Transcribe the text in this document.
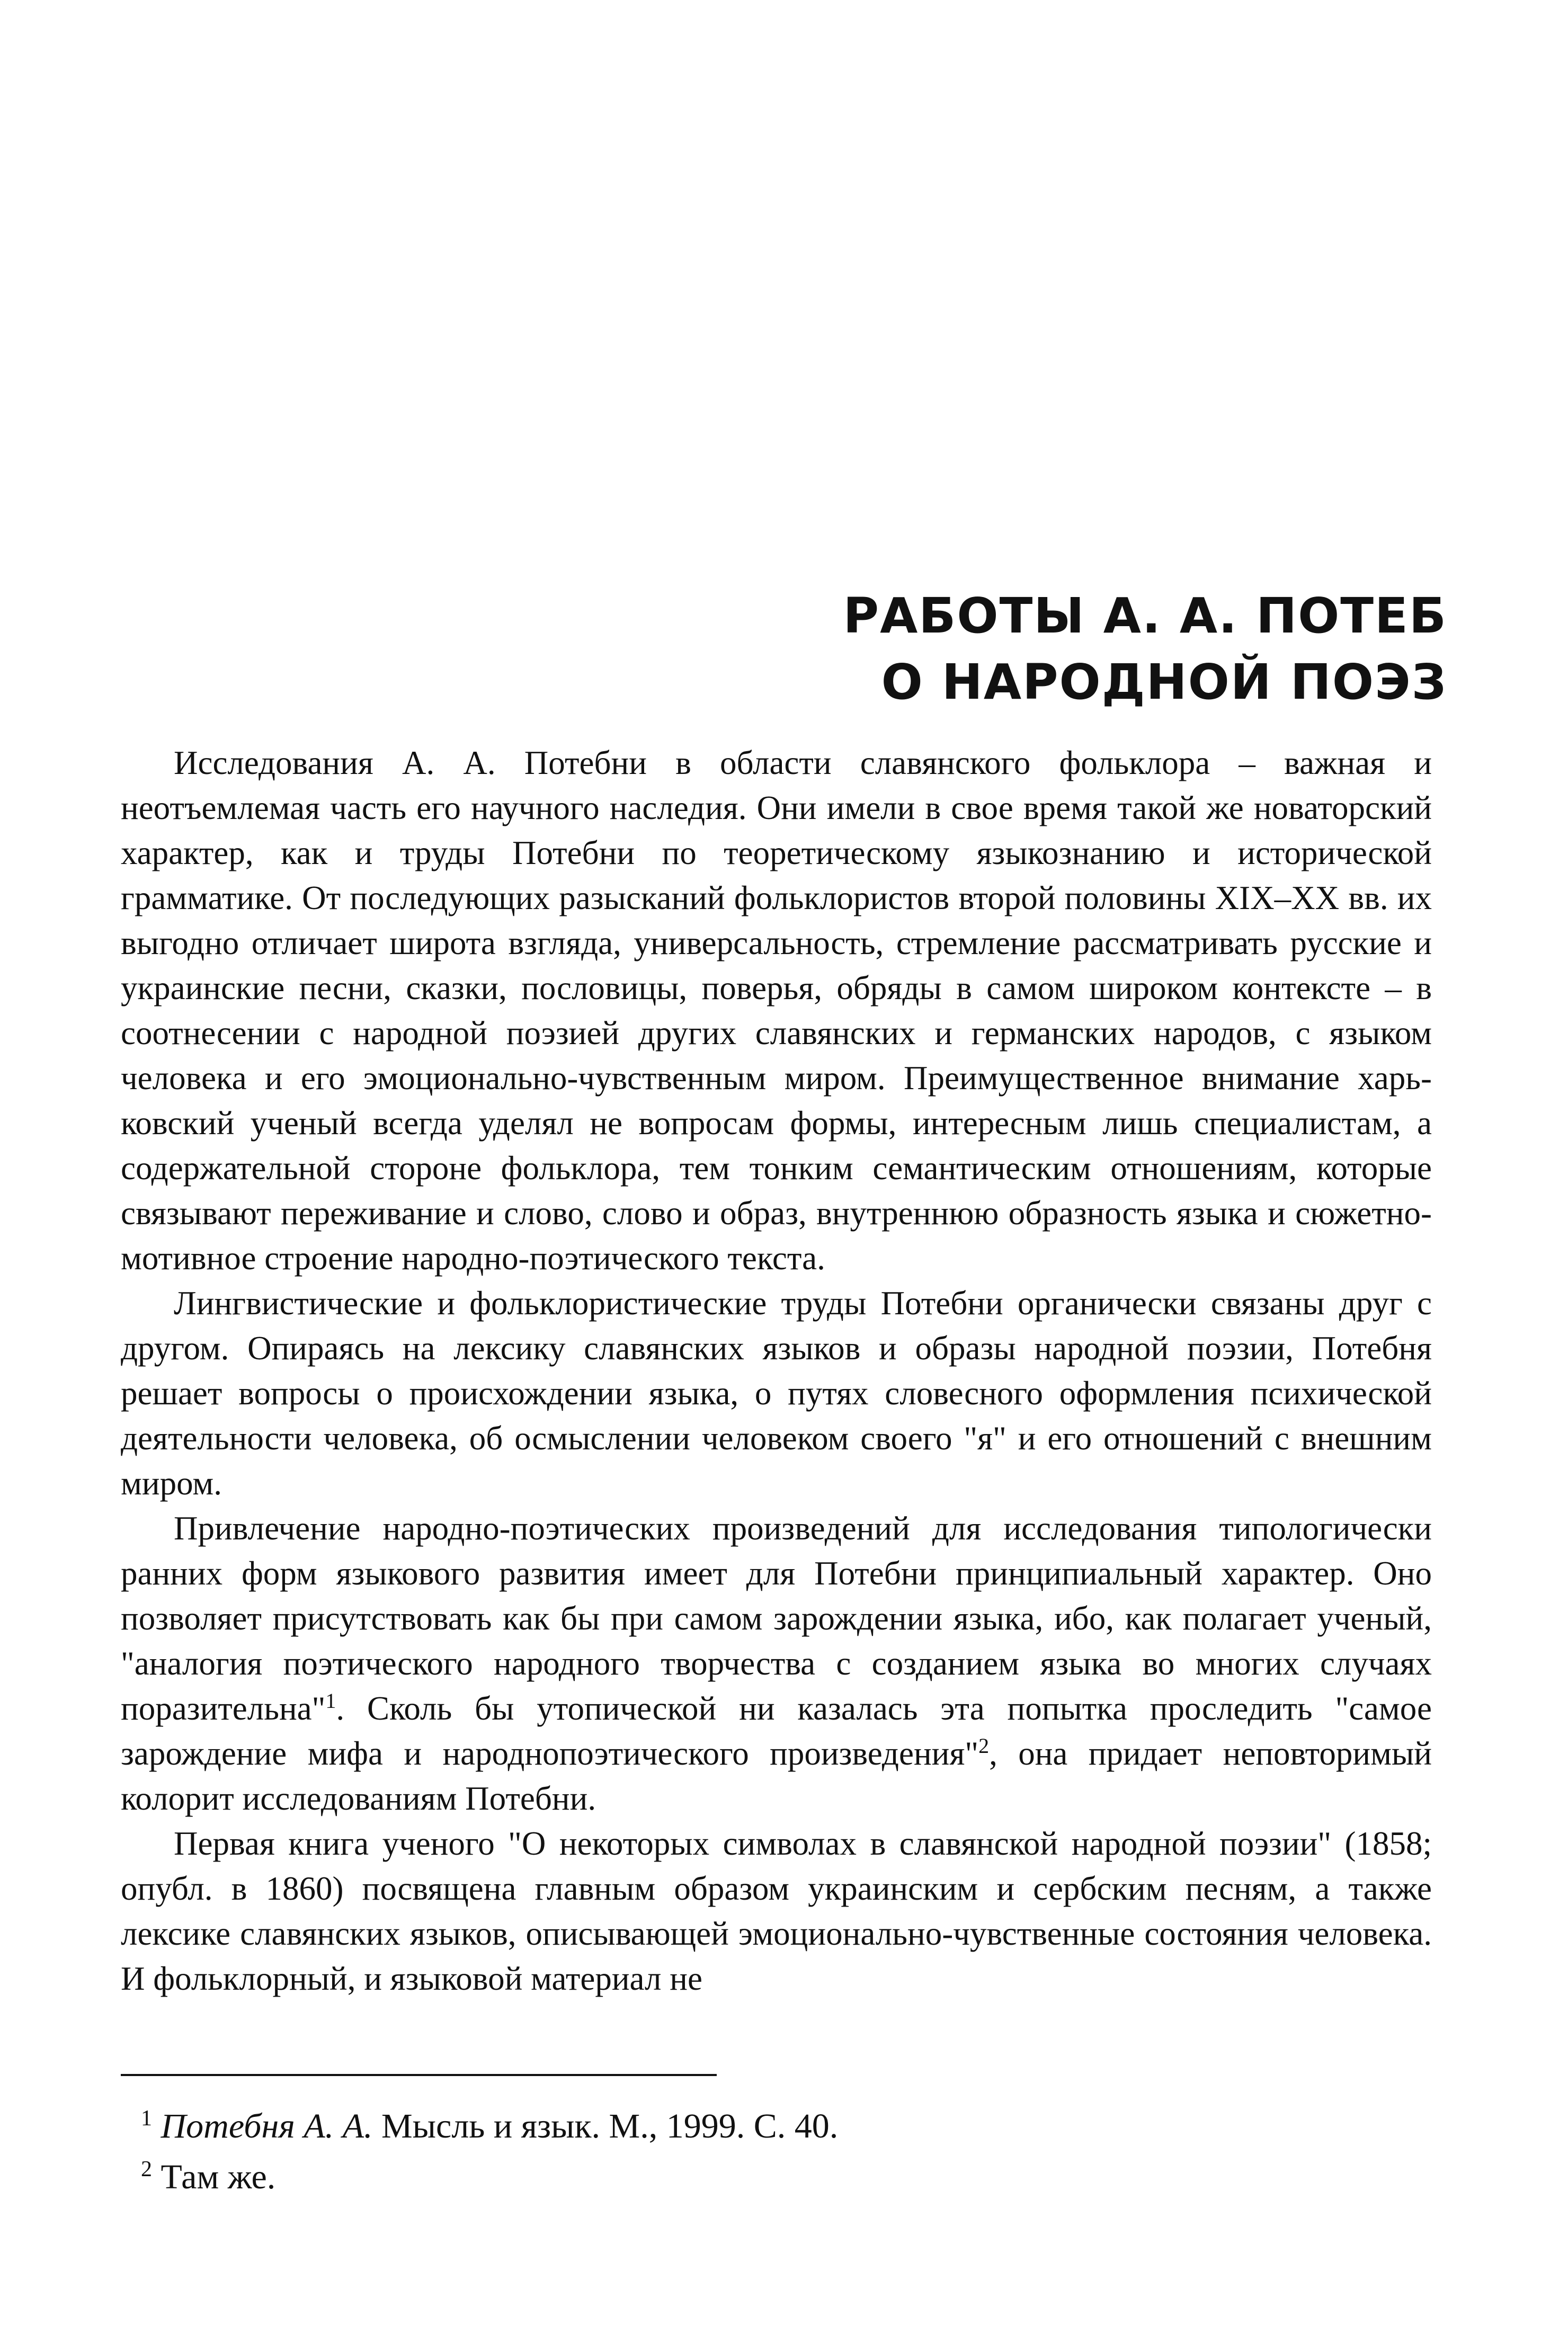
РАБОТЫ А. А. ПОТЕБ
О НАРОДНОЙ ПОЭЗ

Исследования А. А. Потебни в области славянского фольклора – важная и неотъемлемая часть его научного наследия. Они имели в свое время такой же новаторский характер, как и труды Потебни по теоретическому языкознанию и исторической грамматике. От последующих разысканий фольклористов второй половины XIX–XX вв. их выгодно отличает широта взгляда, универсальность, стремление рассматривать русские и украинские песни, сказки, пословицы, поверья, обряды в самом широком контексте – в соотнесении с народной поэзией других славянских и германских народов, с языком человека и его эмоционально-чувственным миром. Преимущественное внимание харьковский ученый всегда уделял не вопросам формы, интересным лишь специалистам, а содержательной стороне фольклора, тем тонким семантическим отношениям, которые связывают переживание и слово, слово и образ, внутреннюю образность языка и сюжетно-мотивное строение народно-поэтического текста.

Лингвистические и фольклористические труды Потебни органически связаны друг с другом. Опираясь на лексику славянских языков и образы народной поэзии, Потебня решает вопросы о происхождении языка, о путях словесного оформления психической деятельности человека, об осмыслении человеком своего "я" и его отношений с внешним миром.

Привлечение народно-поэтических произведений для исследования типологически ранних форм языкового развития имеет для Потебни принципиальный характер. Оно позволяет присутствовать как бы при самом зарождении языка, ибо, как полагает ученый, "аналогия поэтического народного творчества с созданием языка во многих случаях поразительна"$^1$. Сколь бы утопической ни казалась эта попытка проследить "самое зарождение мифа и народнопоэтического произведения"$^2$, она придает неповторимый колорит исследованиям Потебни.

Первая книга ученого "О некоторых символах в славянской народной поэзии" (1858; опубл. в 1860) посвящена главным образом украинским и сербским песням, а также лексике славянских языков, описывающей эмоционально-чувственные состояния человека. И фольклорный, и языковой материал не

$^1$ Потебня А. А. Мысль и язык. М., 1999. С. 40.

$^2$ Там же.
